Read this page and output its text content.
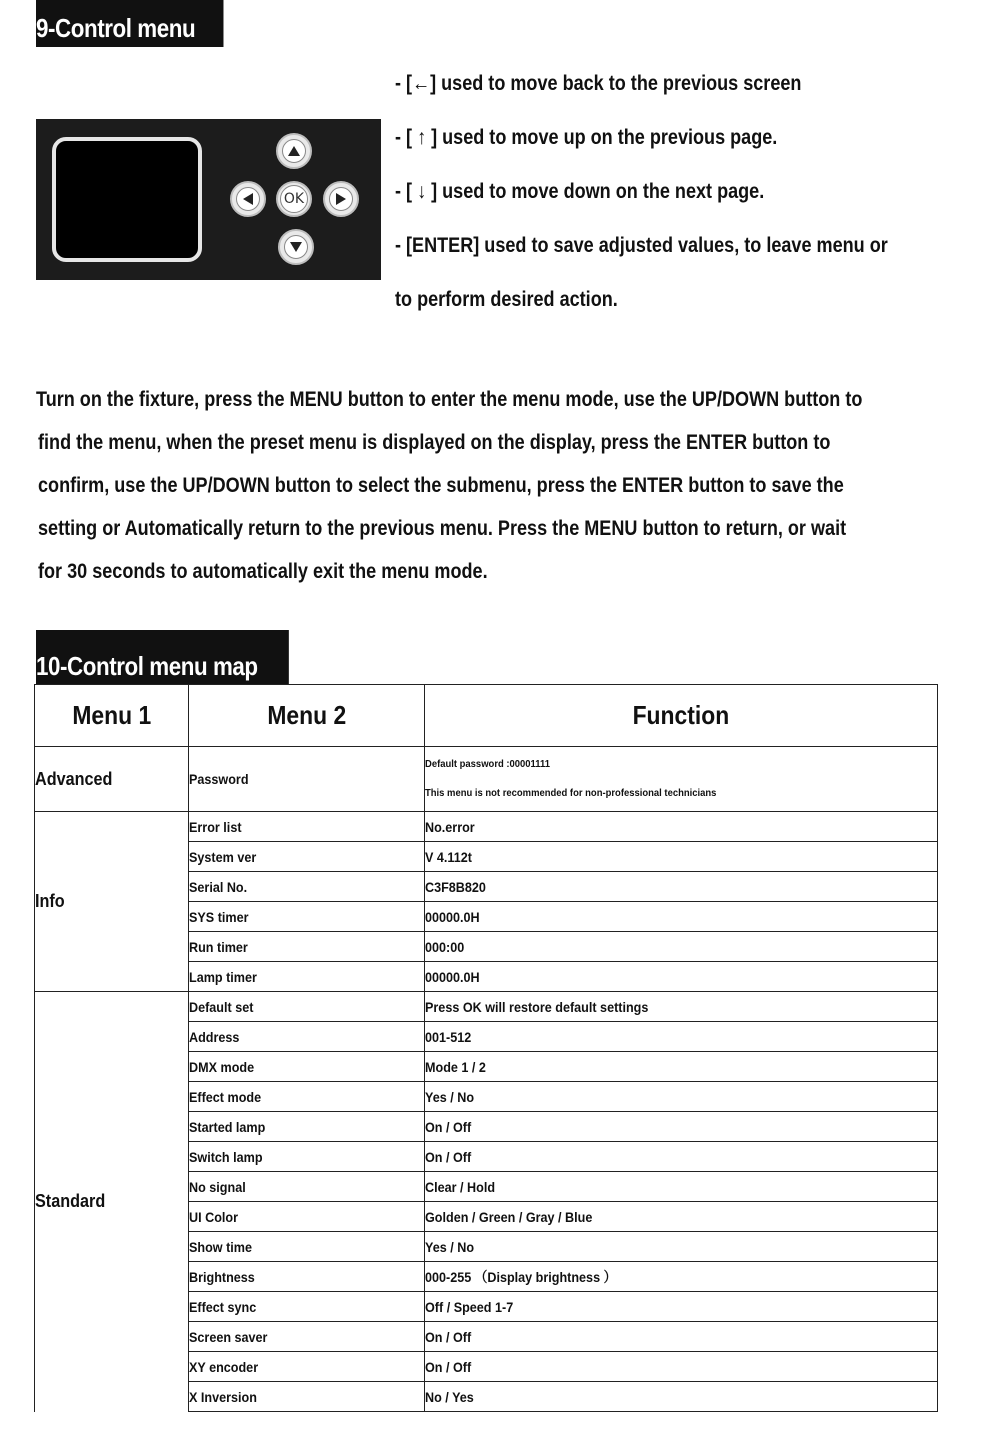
9-Control menu
OK
- [←] used to move back to the previous screen
- [ ↑ ] used to move up on the previous page.
- [ ↓ ] used to move down on the next page.
- [ENTER] used to save adjusted values, to leave menu or
to perform desired action.
Turn on the fixture, press the MENU button to enter the menu mode, use the UP/DOWN button to
find the menu, when the preset menu is displayed on the display, press the ENTER button to
confirm, use the UP/DOWN button to select the submenu, press the ENTER button to save the
setting or Automatically return to the previous menu. Press the MENU button to return, or wait
for 30 seconds to automatically exit the menu mode.
10-Control menu map
Menu 1	Menu 2	Function
Advanced	Password	Default password :00001111
This menu is not recommended for non-professional technicians

Info	Error list	No.error
	System ver	V 4.112t
	Serial No.	C3F8B820
	SYS timer	00000.0H
	Run timer	000:00
	Lamp timer	00000.0H
Standard	Default set	Press OK will restore default settings
	Address	001-512
	DMX mode	Mode 1 / 2
	Effect mode	Yes / No
	Started lamp	On / Off
	Switch lamp	On / Off
	No signal	Clear / Hold
	UI Color	Golden / Green / Gray / Blue
	Show time	Yes / No
	Brightness	000-255 （Display brightness ）
	Effect sync	Off / Speed 1-7
	Screen saver	On / Off
	XY encoder	On / Off
	X Inversion	No / Yes
